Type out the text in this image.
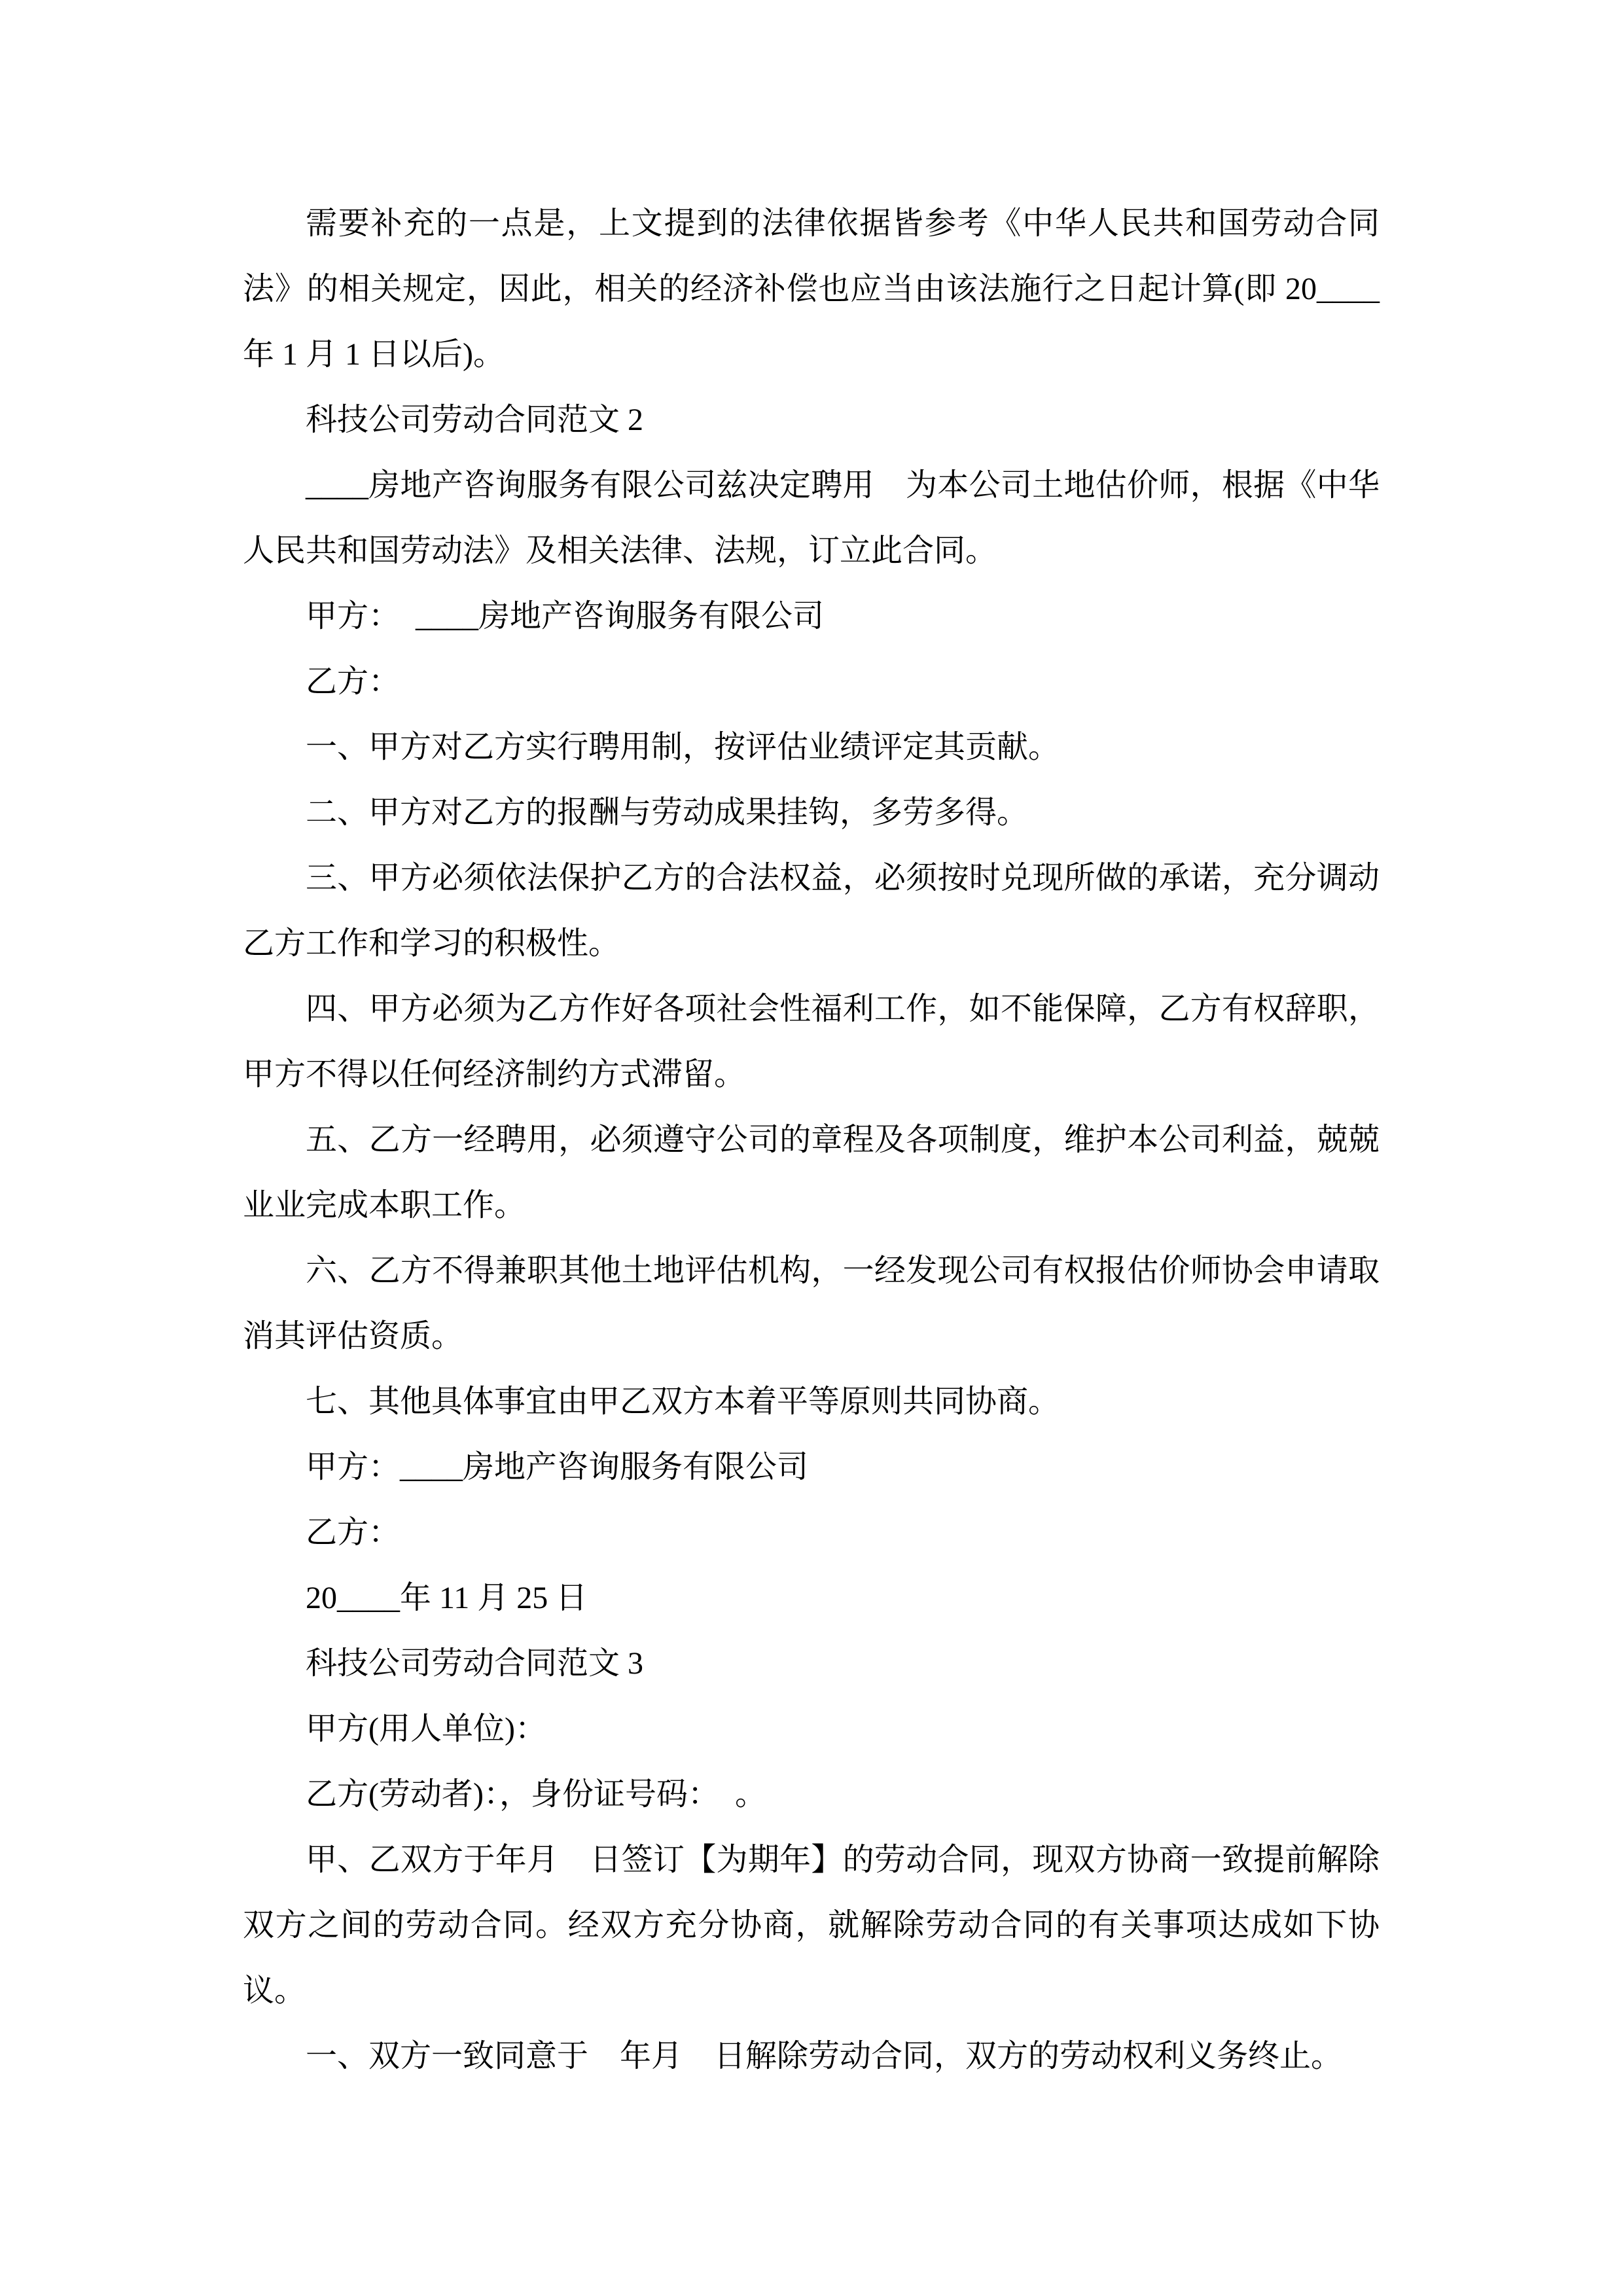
需要补充的一点是，上文提到的法律依据皆参考《中华人民共和国劳动合同法》的相关规定，因此，相关的经济补偿也应当由该法施行之日起计算(即 20____年 1 月 1 日以后)。

科技公司劳动合同范文 2

____房地产咨询服务有限公司兹决定聘用　为本公司土地估价师，根据《中华人民共和国劳动法》及相关法律、法规，订立此合同。

甲方：　____房地产咨询服务有限公司

乙方：

一、甲方对乙方实行聘用制，按评估业绩评定其贡献。

二、甲方对乙方的报酬与劳动成果挂钩，多劳多得。

三、甲方必须依法保护乙方的合法权益，必须按时兑现所做的承诺，充分调动乙方工作和学习的积极性。

四、甲方必须为乙方作好各项社会性福利工作，如不能保障，乙方有权辞职，甲方不得以任何经济制约方式滞留。

五、乙方一经聘用，必须遵守公司的章程及各项制度，维护本公司利益，兢兢业业完成本职工作。

六、乙方不得兼职其他土地评估机构，一经发现公司有权报估价师协会申请取消其评估资质。

七、其他具体事宜由甲乙双方本着平等原则共同协商。

甲方：____房地产咨询服务有限公司

乙方：

20____年 11 月 25 日

科技公司劳动合同范文 3

甲方(用人单位)：

乙方(劳动者)：，身份证号码：　。

甲、乙双方于年月　日签订【为期年】的劳动合同，现双方协商一致提前解除双方之间的劳动合同。经双方充分协商，就解除劳动合同的有关事项达成如下协议。

一、双方一致同意于　年月　日解除劳动合同，双方的劳动权利义务终止。
